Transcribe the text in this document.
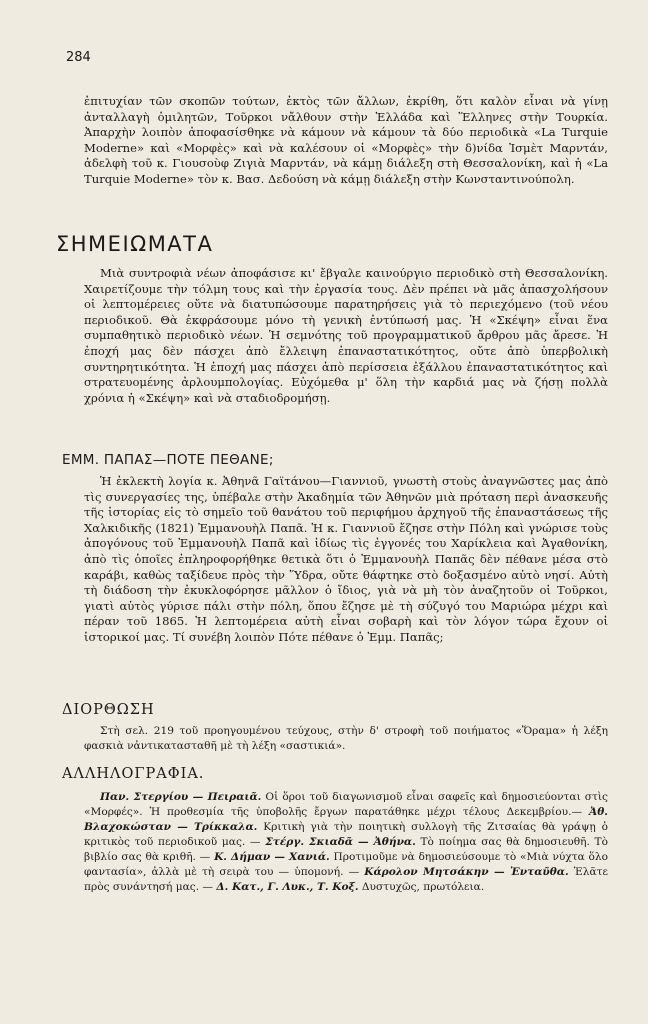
284

ἐπιτυχίαν τῶν σκοπῶν τούτων, ἐκτὸς τῶν ἄλλων, ἐκρίθη, ὅτι καλὸν εἶναι νὰ γίνῃ ἀνταλλαγὴ ὁμιλητῶν, Τοῦρκοι νἄλθουν στὴν Ἑλλάδα καὶ Ἕλληνες στὴν Τουρκία. Ἀπαρχὴν λοιπὸν ἀποφασίσθηκε νὰ κάμουν νὰ κάμουν τὰ δύο περιοδικὰ «La Turquie Moderne» καὶ «Μορφὲς» καὶ νὰ καλέσουν οἱ «Μορφὲς» τὴν δ)νίδα Ἰσμὲτ Μαρντάν, ἀδελφὴ τοῦ κ. Γιουσοὺφ Ζιγιὰ Μαρντάν, νὰ κάμῃ διάλεξη στὴ Θεσσαλονίκη, καὶ ἡ «La Turquie Moderne» τὸν κ. Βασ. Δεδούση νὰ κάμῃ διάλεξη στὴν Κωνσταντινούπολη.

ΣΗΜΕΙΩΜΑΤΑ

Μιὰ συντροφιὰ νέων ἀποφάσισε κι' ἔβγαλε καινούργιο περιοδικὸ στὴ Θεσσαλονίκη. Χαιρετίζουμε τὴν τόλμη τους καὶ τὴν ἐργασία τους. Δὲν πρέπει νὰ μᾶς ἀπασχολήσουν οἱ λεπτομέρειες οὔτε νὰ διατυπώσουμε παρατηρήσεις γιὰ τὸ περιεχόμενο (τοῦ νέου περιοδικοῦ. Θὰ ἐκφράσουμε μόνο τὴ γενικὴ ἐντύπωσή μας. Ἡ «Σκέψη» εἶναι ἕνα συμπαθητικὸ περιοδικὸ νέων. Ἡ σεμνότης τοῦ προγραμματικοῦ ἄρθρου μᾶς ἄρεσε. Ἡ ἐποχή μας δὲν πάσχει ἀπὸ ἔλλειψη ἐπαναστατικότητος, οὔτε ἀπὸ ὑπερβολικὴ συντηρητικότητα. Ἡ ἐποχή μας πάσχει ἀπὸ περίσσεια ἐξάλλου ἐπαναστατικότητος καὶ στρατευομένης ἀρλουμπολογίας. Εὐχόμεθα μ' ὅλη τὴν καρδιά μας νὰ ζήσῃ πολλὰ χρόνια ἡ «Σκέψη» καὶ νὰ σταδιοδρομήσῃ.

ΕΜΜ. ΠΑΠΑΣ—ΠΟΤΕ ΠΕΘΑΝΕ;

Ἡ ἐκλεκτὴ λογία κ. Ἀθηνᾶ Γαϊτάνου—Γιαννιοῦ, γνωστὴ στοὺς ἀναγνῶστες μας ἀπὸ τὶς συνεργασίες της, ὑπέβαλε στὴν Ἀκαδημία τῶν Ἀθηνῶν μιὰ πρόταση περὶ ἀνασκευῆς τῆς ἱστορίας εἰς τὸ σημεῖο τοῦ θανάτου τοῦ περιφήμου ἀρχηγοῦ τῆς ἐπαναστάσεως τῆς Χαλκιδικῆς (1821) Ἐμμανουὴλ Παπᾶ. Ἡ κ. Γιαννιοῦ ἔζησε στὴν Πόλη καὶ γνώρισε τοὺς ἀπογόνους τοῦ Ἐμμανουὴλ Παπᾶ καὶ ἰδίως τὶς ἐγγονές του Χαρίκλεια καὶ Ἀγαθονίκη, ἀπὸ τὶς ὁποῖες ἐπληροφορήθηκε θετικὰ ὅτι ὁ Ἐμμανουὴλ Παπᾶς δὲν πέθανε μέσα στὸ καράβι, καθὼς ταξίδευε πρὸς τὴν Ὕδρα, οὔτε θάφτηκε στὸ δοξασμένο αὐτὸ νησί. Αὐτὴ τὴ διάδοση τὴν ἐκυκλοφόρησε μᾶλλον ὁ ἴδιος, γιὰ νὰ μὴ τὸν ἀναζητοῦν οἱ Τοῦρκοι, γιατὶ αὐτὸς γύρισε πάλι στὴν πόλη, ὅπου ἔζησε μὲ τὴ σύζυγό του Μαριώρα μέχρι καὶ πέραν τοῦ 1865. Ἡ λεπτομέρεια αὐτὴ εἶναι σοβαρὴ καὶ τὸν λόγον τώρα ἔχουν οἱ ἱστορικοί μας. Τί συνέβη λοιπὸν Πότε πέθανε ὁ Ἐμμ. Παπᾶς;

ΔΙΟΡΘΩΣΗ

Στὴ σελ. 219 τοῦ προηγουμένου τεύχους, στὴν δ' στροφὴ τοῦ ποιήματος «Ὅραμα» ἡ λέξη φασκιὰ νἀντικατασταθῆ μὲ τὴ λέξη «σαστικιά».

ΑΛΛΗΛΟΓΡΑΦΙΑ.

Παν. Στεργίου — Πειραιᾶ. Οἱ ὅροι τοῦ διαγωνισμοῦ εἶναι σαφεῖς καὶ δημοσιεύονται στὶς «Μορφές». Ἡ προθεσμία τῆς ὑποβολῆς ἔργων παρατάθηκε μέχρι τέλους Δεκεμβρίου.— Ἀθ. Βλαχοκώσταν — Τρίκκαλα. Κριτικὴ γιὰ τὴν ποιητικὴ συλλογὴ τῆς Ζιτσαίας θὰ γράψῃ ὁ κριτικὸς τοῦ περιοδικοῦ μας. — Στέργ. Σκιαδᾶ — Ἀθήνα. Τὸ ποίημα σας θὰ δημοσιευθῆ. Τὸ βιβλίο σας θὰ κριθῆ. — Κ. Δήμαν — Χανιά. Προτιμοῦμε νὰ δημοσιεύσουμε τὸ «Μιὰ νύχτα ὅλο φαντασία», ἀλλὰ μὲ τὴ σειρὰ του — ὑπομονή. — Κάρολον Μητσάκην — Ἐνταῦθα. Ἐλᾶτε πρὸς συνάντησή μας. — Δ. Κατ., Γ. Λυκ., Τ. Κοξ. Δυστυχῶς, πρωτόλεια.
